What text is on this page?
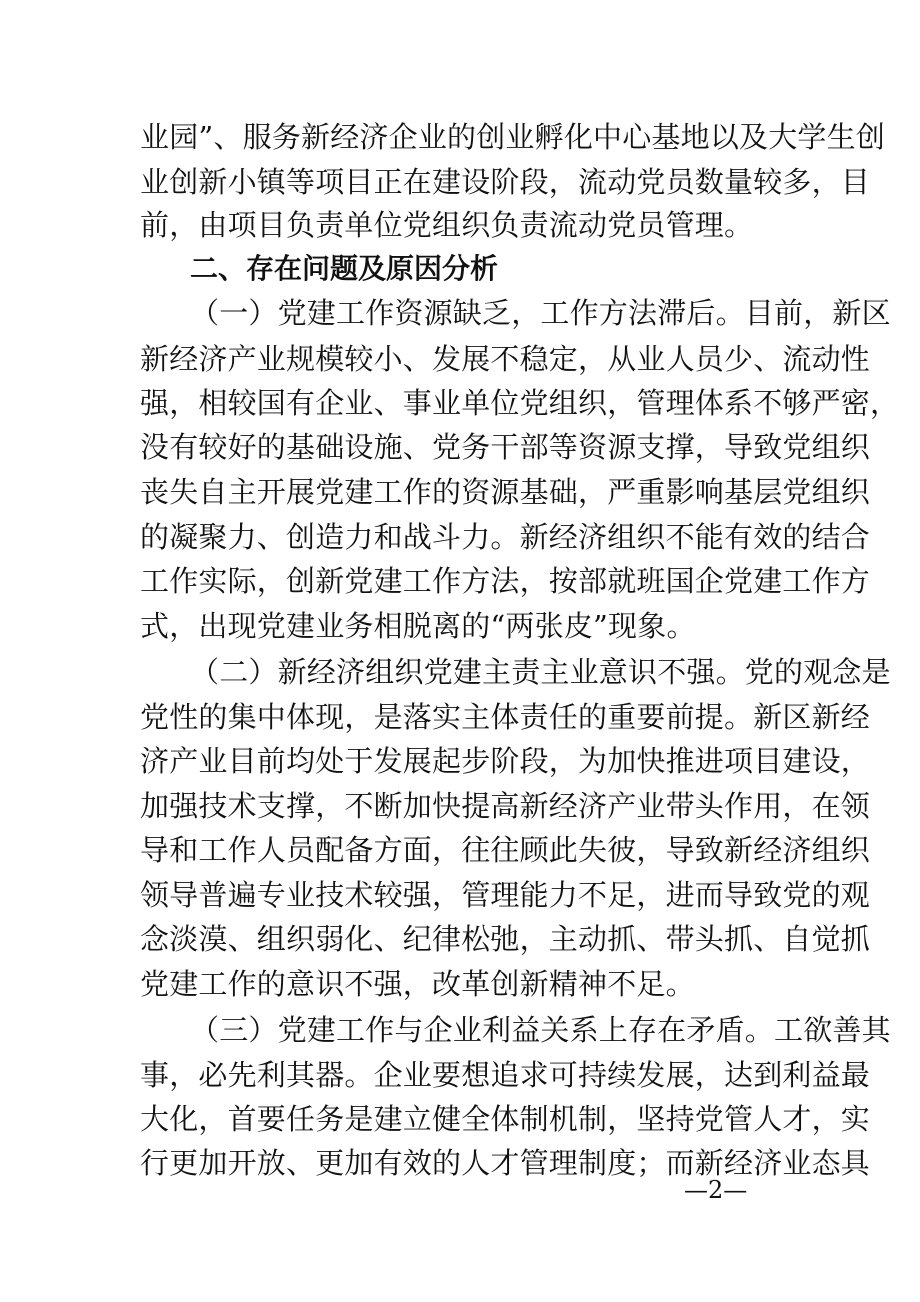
业园”、服务新经济企业的创业孵化中心基地以及大学生创
业创新小镇等项目正在建设阶段，流动党员数量较多，目
前，由项目负责单位党组织负责流动党员管理。
二、存在问题及原因分析
（一）党建工作资源缺乏，工作方法滞后。目前，新区
新经济产业规模较小、发展不稳定，从业人员少、流动性
强，相较国有企业、事业单位党组织，管理体系不够严密，
没有较好的基础设施、党务干部等资源支撑，导致党组织
丧失自主开展党建工作的资源基础，严重影响基层党组织
的凝聚力、创造力和战斗力。新经济组织不能有效的结合
工作实际，创新党建工作方法，按部就班国企党建工作方
式，出现党建业务相脱离的“两张皮”现象。
（二）新经济组织党建主责主业意识不强。党的观念是
党性的集中体现，是落实主体责任的重要前提。新区新经
济产业目前均处于发展起步阶段，为加快推进项目建设，
加强技术支撑，不断加快提高新经济产业带头作用，在领
导和工作人员配备方面，往往顾此失彼，导致新经济组织
领导普遍专业技术较强，管理能力不足，进而导致党的观
念淡漠、组织弱化、纪律松弛，主动抓、带头抓、自觉抓
党建工作的意识不强，改革创新精神不足。
（三）党建工作与企业利益关系上存在矛盾。工欲善其
事，必先利其器。企业要想追求可持续发展，达到利益最
大化，首要任务是建立健全体制机制，坚持党管人才，实
行更加开放、更加有效的人才管理制度；而新经济业态具
—2—
